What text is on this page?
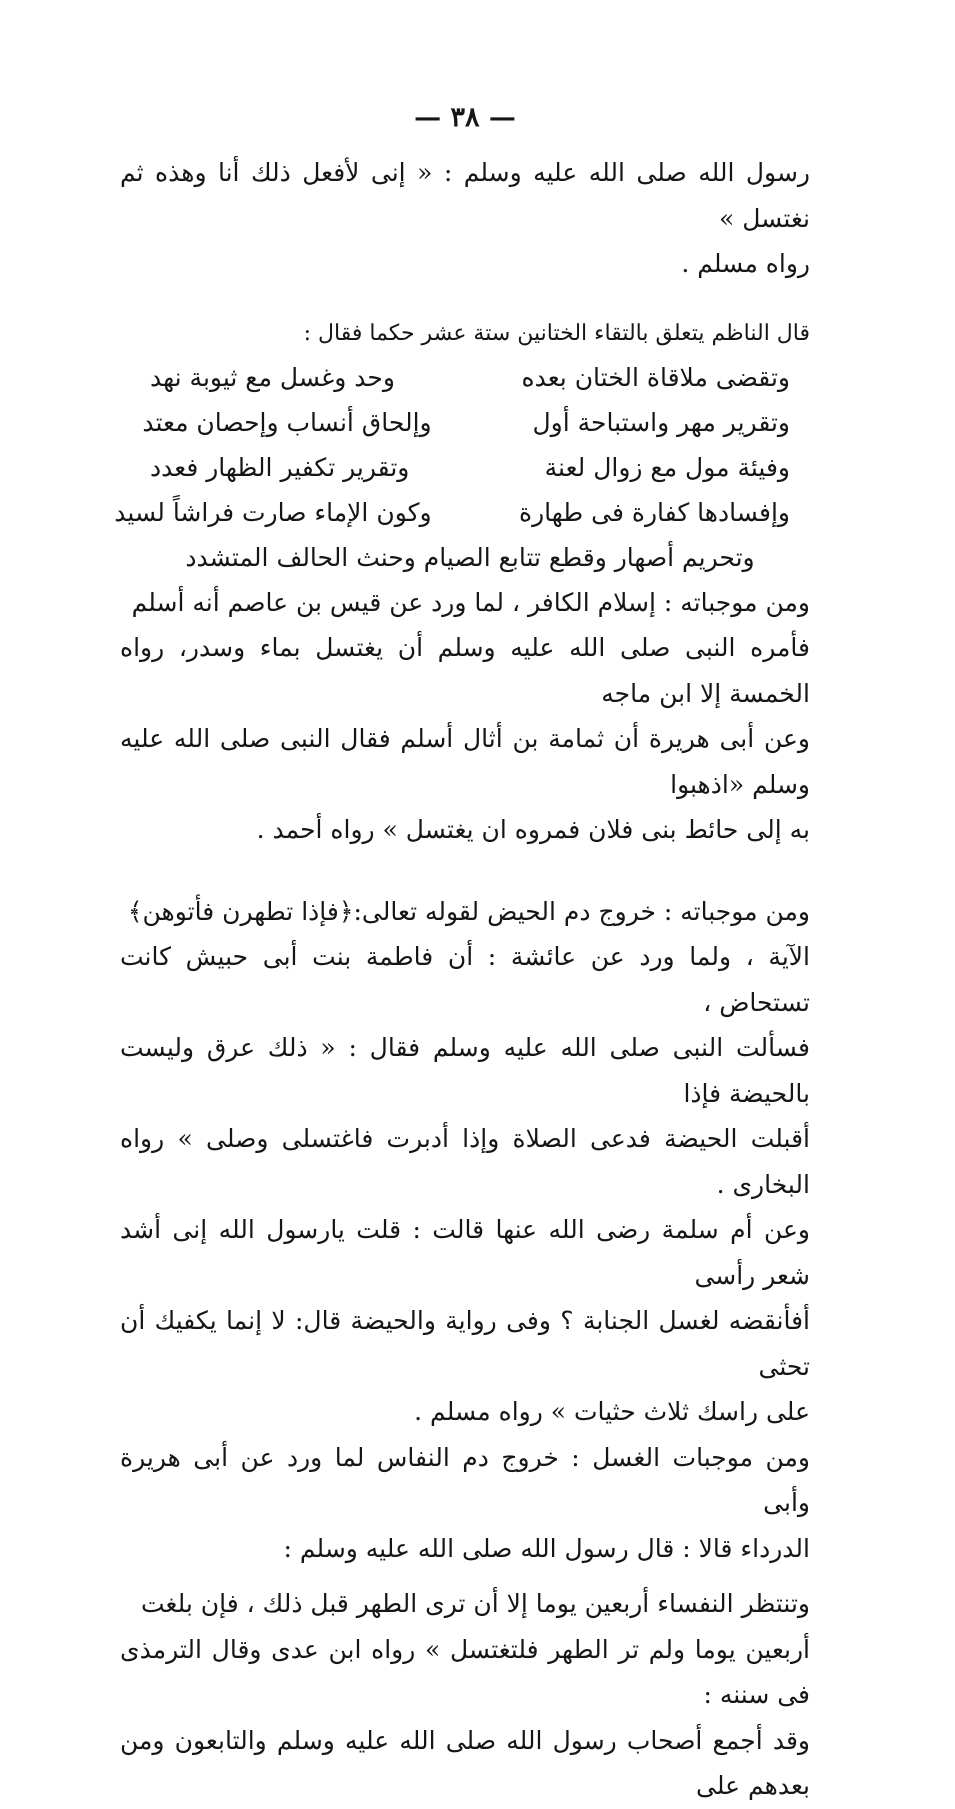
— ٣٨ —

رسول الله صلى الله عليه وسلم : « إنى لأفعل ذلك أنا وهذه ثم نغتسل »

رواه مسلم .

قال الناظم يتعلق بالتقاء الختانين ستة عشر حكما فقال :

وتقضى ملاقاة الختان بعده
وحد وغسل مع ثيوبة نهد
وتقرير مهر واستباحة أول
وإلحاق أنساب وإحصان معتد
وفيئة مول مع زوال لعنة
وتقرير تكفير الظهار فعدد
وإفسادها كفارة فى طهارة
وكون الإماء صارت فراشاً لسيد
وتحريم أصهار وقطع تتابع الصيام وحنث الحالف المتشدد

ومن موجباته : إسلام الكافر ، لما ورد عن قيس بن عاصم أنه أسلم

فأمره النبى صلى الله عليه وسلم أن يغتسل بماء وسدر، رواه الخمسة إلا ابن ماجه

وعن أبى هريرة أن ثمامة بن أثال أسلم فقال النبى صلى الله عليه وسلم «اذهبوا

به إلى حائط بنى فلان فمروه ان يغتسل » رواه أحمد .

ومن موجباته : خروج دم الحيض لقوله تعالى:﴿فإذا تطهرن فأتوهن﴾

الآية ، ولما ورد عن عائشة : أن فاطمة بنت أبى حبيش كانت تستحاض ،

فسألت النبى صلى الله عليه وسلم فقال : « ذلك عرق وليست بالحيضة فإذا

أقبلت الحيضة فدعى الصلاة وإذا أدبرت فاغتسلى وصلى » رواه البخارى .

وعن أم سلمة رضى الله عنها قالت : قلت يارسول الله إنى أشد شعر رأسى

أفأنقضه لغسل الجنابة ؟ وفى رواية والحيضة قال: لا إنما يكفيك أن تحثى

على راسك ثلاث حثيات » رواه مسلم .

ومن موجبات الغسل : خروج دم النفاس لما ورد عن أبى هريرة وأبى

الدرداء قالا : قال رسول الله صلى الله عليه وسلم :

وتنتظر النفساء أربعين يوما إلا أن ترى الطهر قبل ذلك ، فإن بلغت

أربعين يوما ولم تر الطهر فلتغتسل » رواه ابن عدى وقال الترمذى فى سننه :

وقد أجمع أصحاب رسول الله صلى الله عليه وسلم والتابعون ومن بعدهم على
